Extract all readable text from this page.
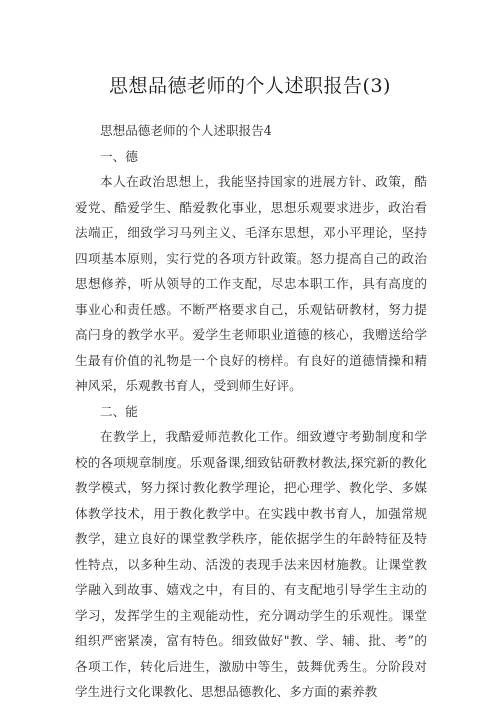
思想品德老师的个人述职报告(3)

思想品德老师的个人述职报告4

一、德

本人在政治思想上，我能坚持国家的进展方针、政策，酷爱党、酷爱学生、酷爱教化事业，思想乐观要求进步，政治看法端正，细致学习马列主义、毛泽东思想，邓小平理论，坚持四项基本原则，实行党的各项方针政策。怒力提高自己的政治思想修养，听从领导的工作支配，尽忠本职工作，具有高度的事业心和责任感。不断严格要求自己，乐观钻研教材，努力提高闩身的教学水平。爱学生老师职业道德的核心，我赠送给学生最有价值的礼物是一个良好的榜样。有良好的道德情操和精神风采，乐观教书育人，受到师生好评。

二、能

在教学上，我酷爱师范教化工作。细致遵守考勤制度和学校的各项规章制度。乐观备课,细致钻研教材教法,探究新的教化教学模式，努力探讨教化教学理论，把心理学、教化学、多媒体教学技术，用于教化教学中。在实践中教书育人，加强常规教学，建立良好的课堂教学秩序，能依据学生的年龄特征及特性特点，以多种生动、活泼的表现手法来因材施教。让课堂教学融入到故事、嬉戏之中，有目的、有支配地引导学生主动的学习，发挥学生的主观能动性，充分调动学生的乐观性。课堂组织严密紧凑，富有特色。细致做好"教、学、辅、批、考”的各项工作，转化后进生，激励中等生，鼓舞优秀生。分阶段对学生进行文化课教化、思想品德教化、多方面的素养教
